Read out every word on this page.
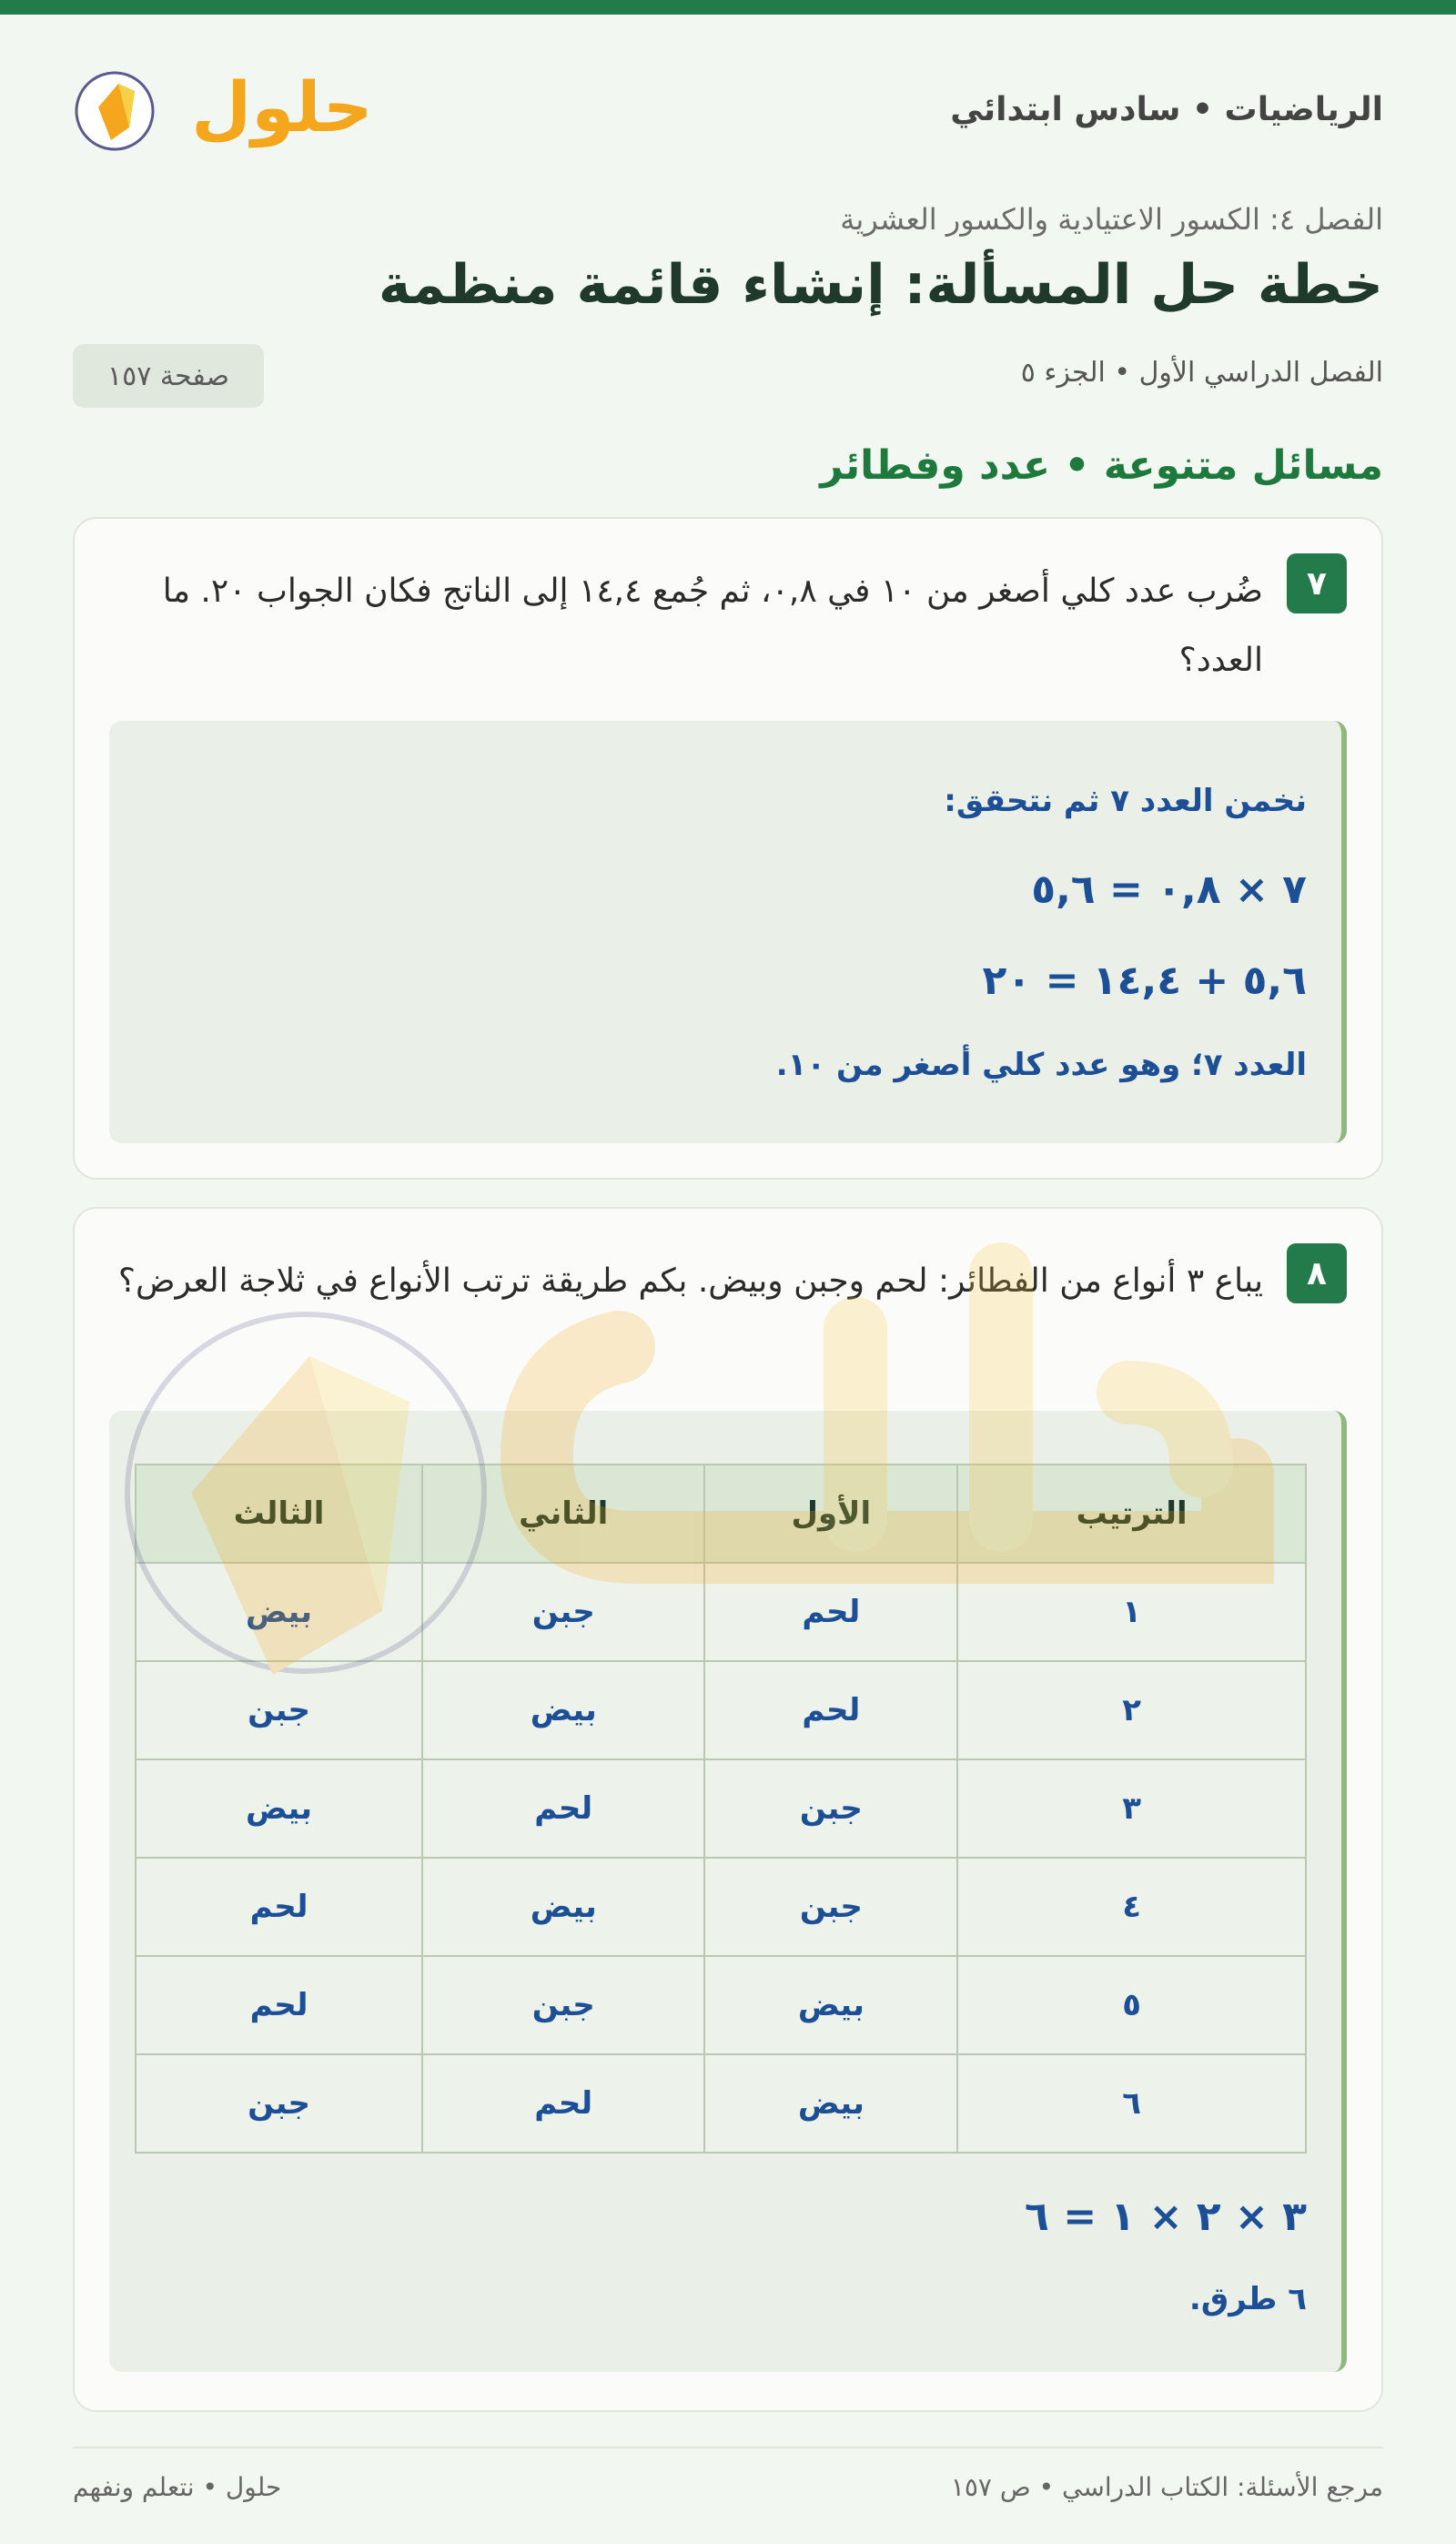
الرياضيات • سادس ابتدائي
حلول
الفصل ٤: الكسور الاعتيادية والكسور العشرية
خطة حل المسألة: إنشاء قائمة منظمة
الفصل الدراسي الأول • الجزء ٥
صفحة ١٥٧
مسائل متنوعة • عدد وفطائر
٧
ضُرب عدد كلي أصغر من ١٠ في ٠,٨، ثم جُمع ١٤,٤ إلى الناتج فكان الجواب ٢٠. ما العدد؟
نخمن العدد ٧ ثم نتحقق:
٧ × ٠,٨ = ٥,٦
٥,٦ + ١٤,٤ = ٢٠
العدد ٧؛ وهو عدد كلي أصغر من ١٠.
٨
يباع ٣ أنواع من الفطائر: لحم وجبن وبيض. بكم طريقة ترتب الأنواع في ثلاجة العرض؟
الترتيب	الأول	الثاني	الثالث
١	لحم	جبن	بيض
٢	لحم	بيض	جبن
٣	جبن	لحم	بيض
٤	جبن	بيض	لحم
٥	بيض	جبن	لحم
٦	بيض	لحم	جبن
٣ × ٢ × ١ = ٦
٦ طرق.
مرجع الأسئلة: الكتاب الدراسي • ص ١٥٧
حلول • نتعلم ونفهم
